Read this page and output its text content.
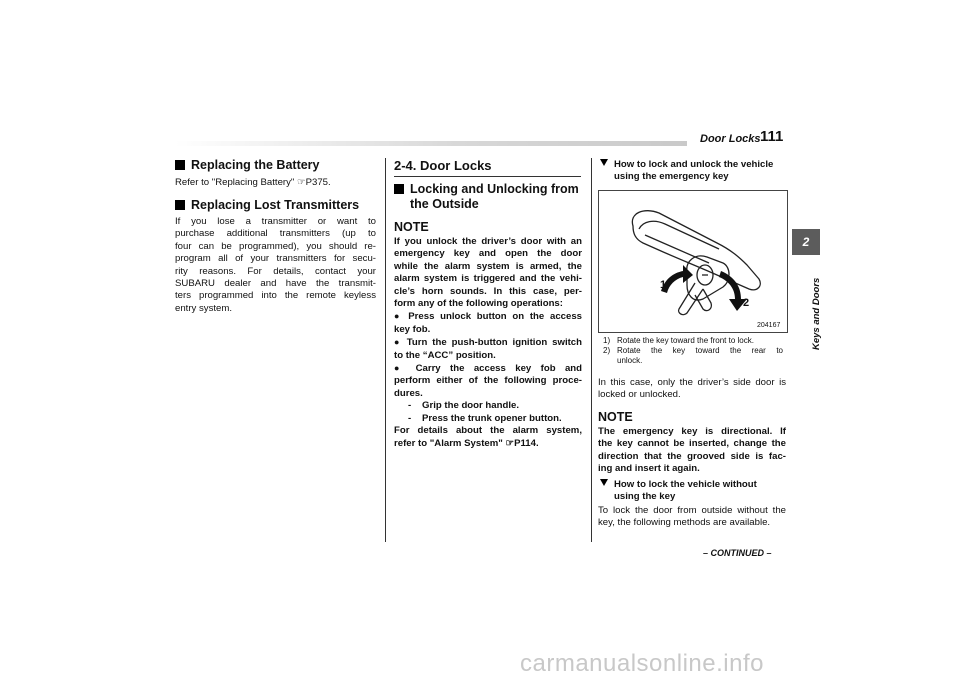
Door Locks 111
2
Keys and Doors
Replacing the Battery
Refer to "Replacing Battery" ☞P375.
Replacing Lost Transmitters
If you lose a transmitter or want to
purchase additional transmitters (up to
four can be programmed), you should re-
program all of your transmitters for secu-
rity reasons. For details, contact your
SUBARU dealer and have the transmit-
ters programmed into the remote keyless
entry system.
2-4. Door Locks
Locking and Unlocking from
the Outside
NOTE
If you unlock the driver’s door with an
emergency key and open the door
while the alarm system is armed, the
alarm system is triggered and the vehi-
cle’s horn sounds. In this case, per-
form any of the following operations:
● Press unlock button on the access
key fob.
● Turn the push-button ignition switch
to the “ACC” position.
● Carry the access key fob and
perform either of the following proce-
dures.
- Grip the door handle.
- Press the trunk opener button.
For details about the alarm system,
refer to "Alarm System" ☞P114.
How to lock and unlock the vehicle
using the emergency key
1
2
204167
1) Rotate the key toward the front to lock.
2) Rotate the key toward the rear to
unlock.
In this case, only the driver’s side door is
locked or unlocked.
NOTE
The emergency key is directional. If
the key cannot be inserted, change the
direction that the grooved side is fac-
ing and insert it again.
How to lock the vehicle without
using the key
To lock the door from outside without the
key, the following methods are available.
– CONTINUED –
carmanualsonline.info
